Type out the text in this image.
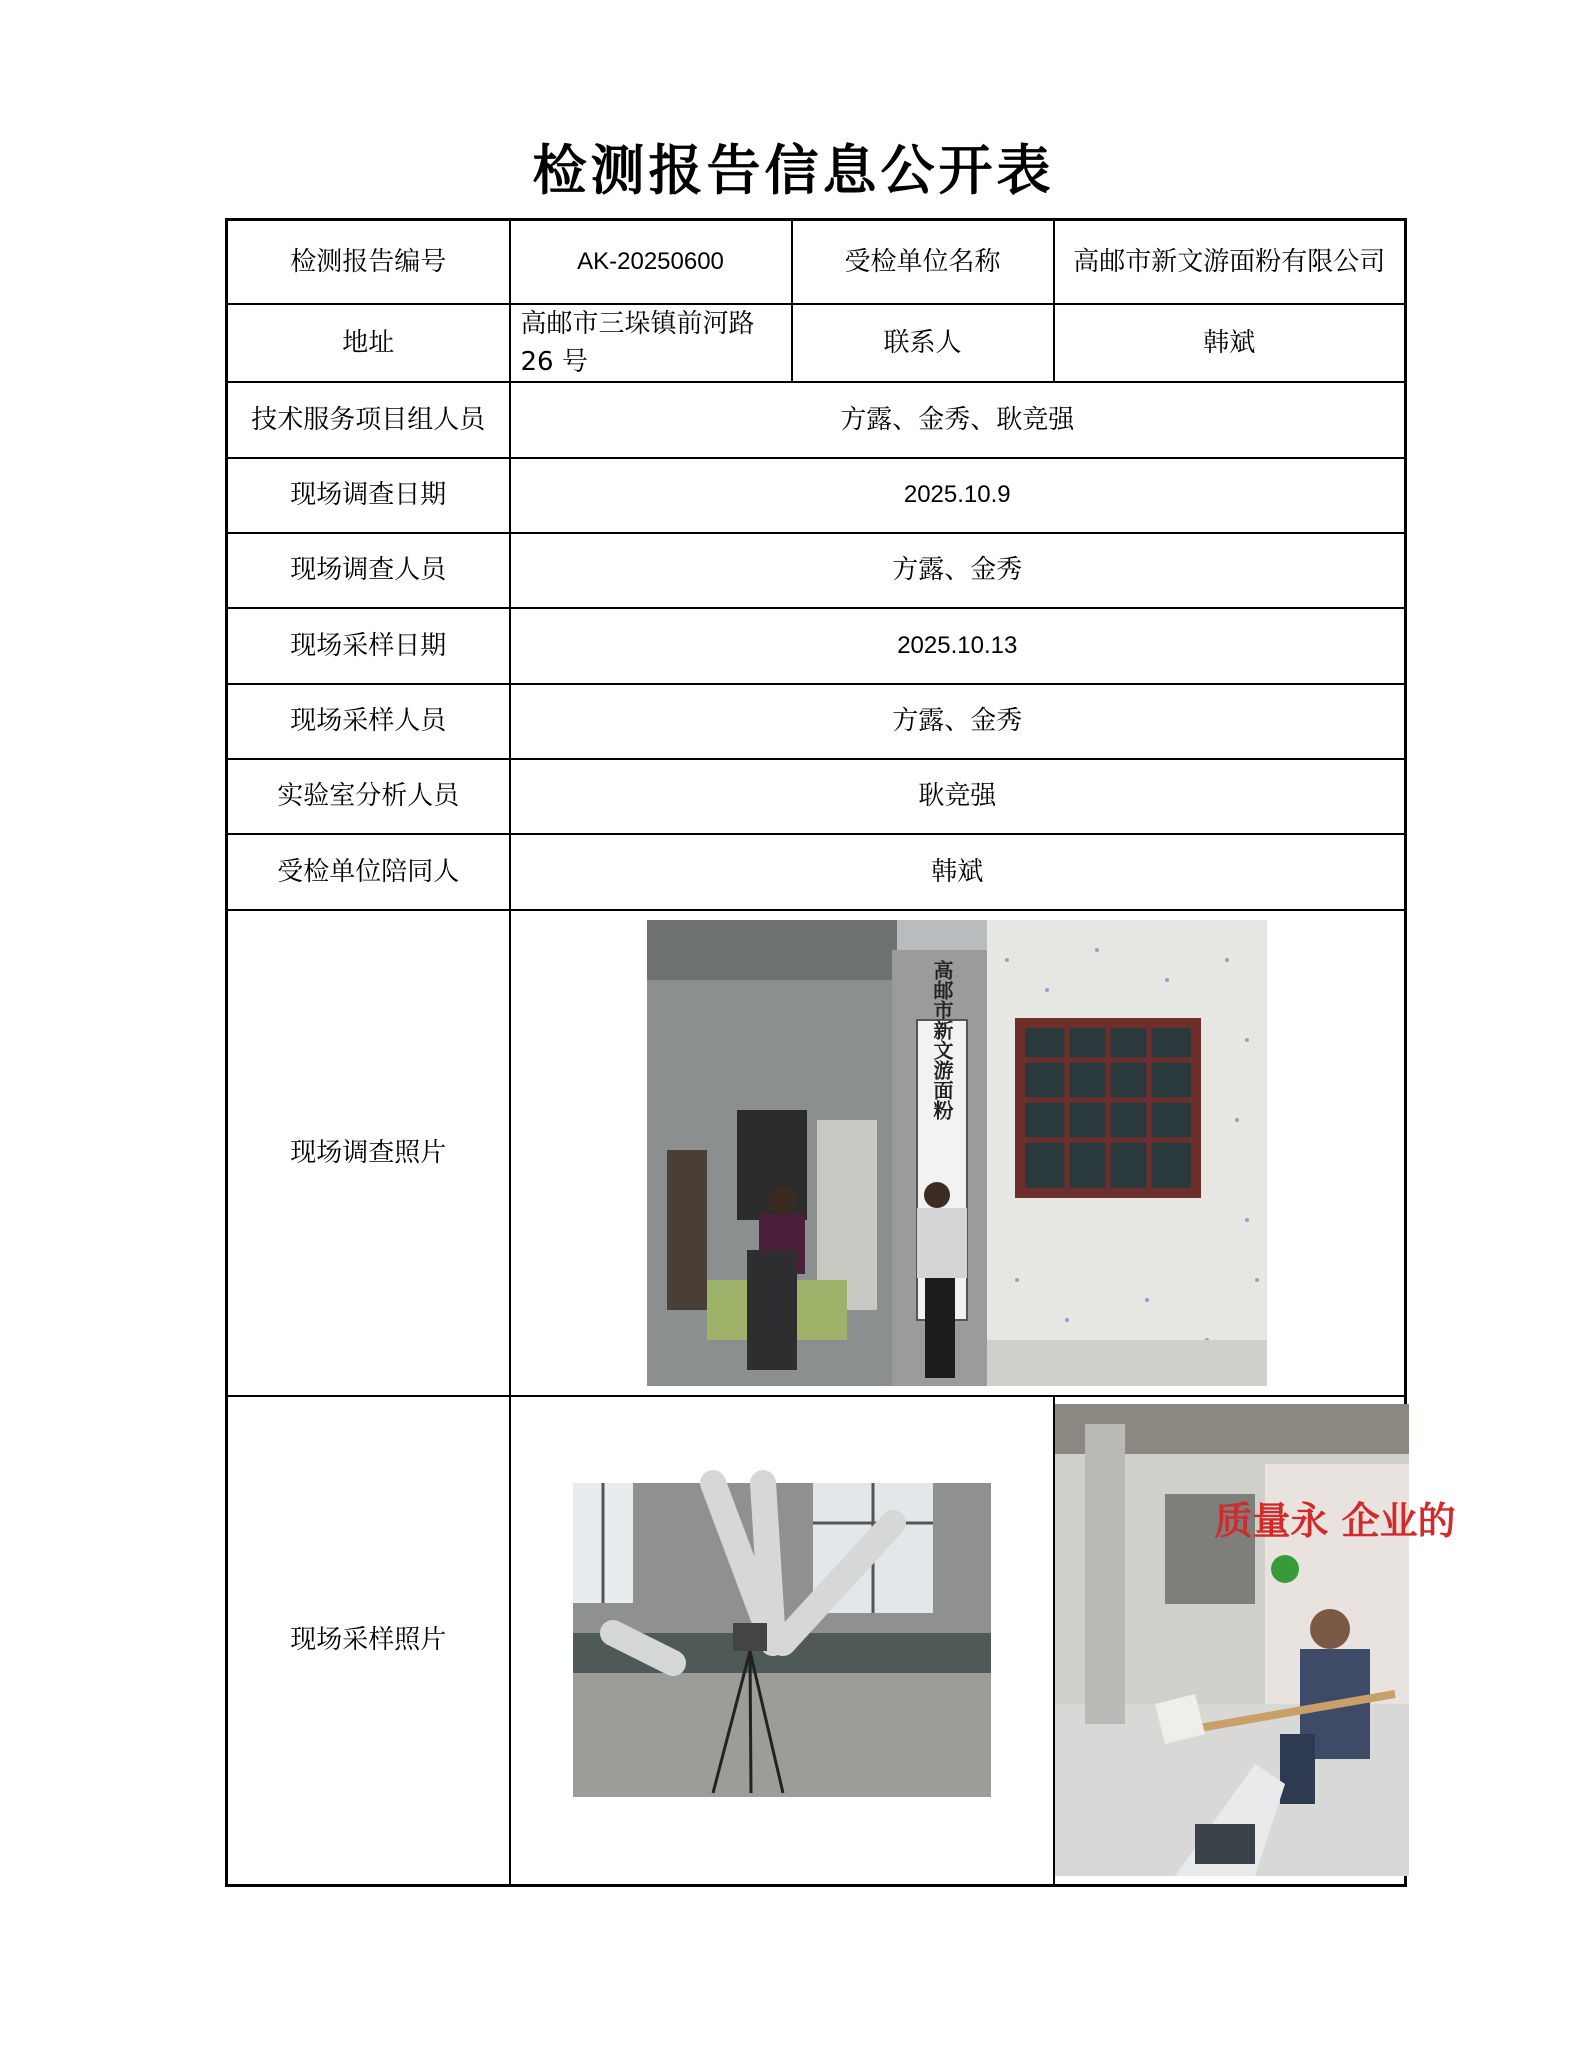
检测报告信息公开表
检测报告编号	AK-20250600	受检单位名称	高邮市新文游面粉有限公司
地址	高邮市三垛镇前河路 26 号	联系人	韩斌
技术服务项目组人员	方露、金秀、耿竞强		
现场调查日期	2025.10.9		
现场调查人员	方露、金秀		
现场采样日期	2025.10.13		
现场采样人员	方露、金秀		
实验室分析人员	耿竞强		
受检单位陪同人	韩斌		
现场调查照片	高邮市新文游面粉		

现场采样照片			质量永 企业的
